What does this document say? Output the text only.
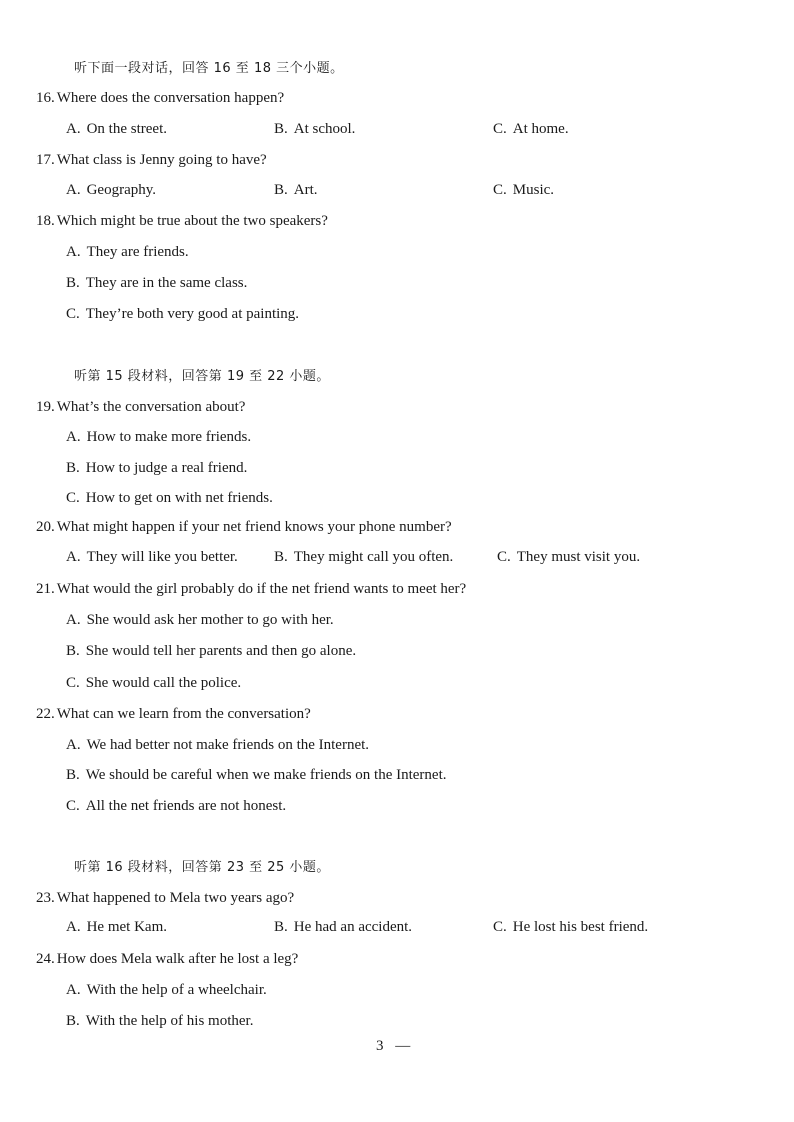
听下面一段对话，回答 16 至 18 三个小题。
16. Where does the conversation happen?
A. On the street.	B. At school.	C. At home.
17. What class is Jenny going to have?
A. Geography.	B. Art.	C. Music.
18. Which might be true about the two speakers?
A. They are friends.
B. They are in the same class.
C. They’re both very good at painting.
听第 15 段材料，回答第 19 至 22 小题。
19. What’s the conversation about?
A. How to make more friends.
B. How to judge a real friend.
C. How to get on with net friends.
20. What might happen if your net friend knows your phone number?
A. They will like you better. B. They might call you often.	C. They must visit you.
21. What would the girl probably do if the net friend wants to meet her?
A. She would ask her mother to go with her.
B. She would tell her parents and then go alone.
C. She would call the police.
22. What can we learn from the conversation?
A. We had better not make friends on the Internet.
B. We should be careful when we make friends on the Internet.
C. All the net friends are not honest.
听第 16 段材料，回答第 23 至 25 小题。
23. What happened to Mela two years ago?
A. He met Kam.	B. He had an accident.	C. He lost his best friend.
24. How does Mela walk after he lost a leg?
A. With the help of a wheelchair.
B. With the help of his mother.
3 —
